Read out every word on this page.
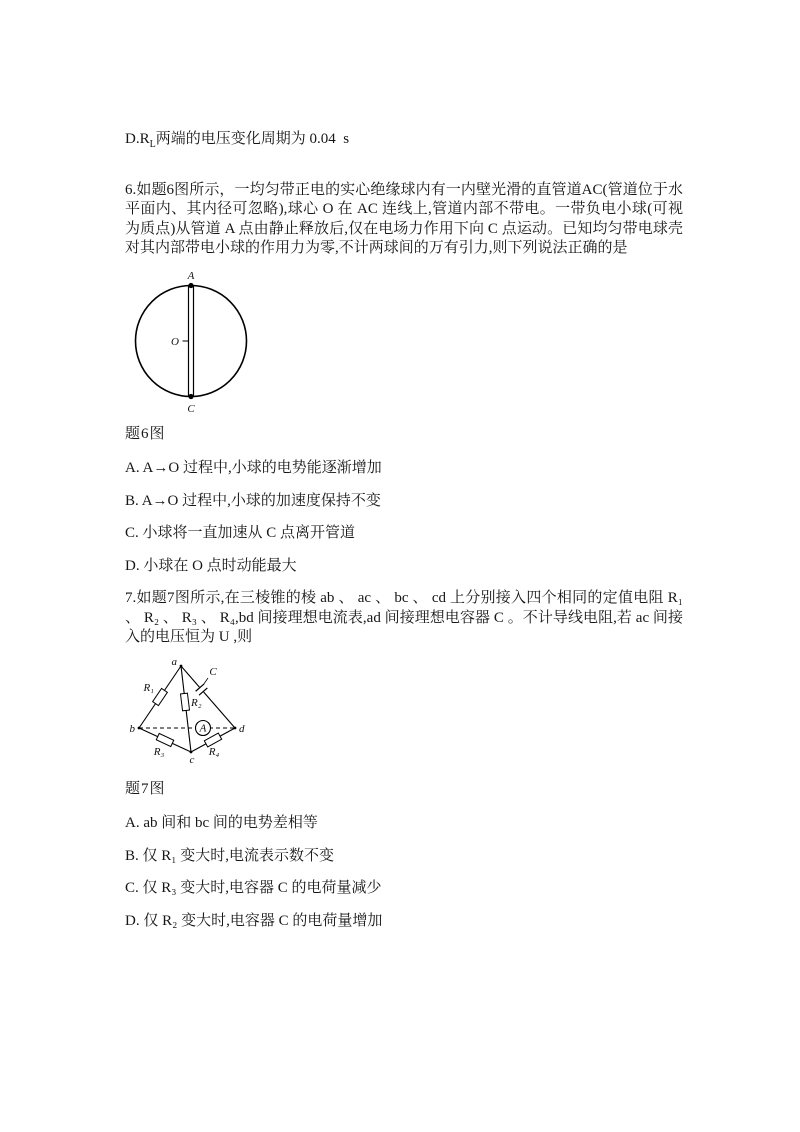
$D.R_L$两端的电压变化周期为 0.04  s

6.如题6图所示，一均匀带正电的实心绝缘球内有一内壁光滑的直管道AC(管道位于水平面内、其内径可忽略),球心 O 在 AC 连线上,管道内部不带电。一带负电小球(可视为质点)从管道 A 点由静止释放后,仅在电场力作用下向 C 点运动。已知均匀带电球壳对其内部带电小球的作用力为零,不计两球间的万有引力,则下列说法正确的是

A
O
C
题6图
A. A→O 过程中,小球的电势能逐渐增加
B. A→O 过程中,小球的加速度保持不变
C. 小球将一直加速从 C 点离开管道
D. 小球在 O 点时动能最大

7.如题7图所示,在三棱锥的棱 ab 、 ac 、 bc 、 cd 上分别接入四个相同的定值电阻 R₁ 、 R₂ 、 R₃ 、 R₄,bd 间接理想电流表,ad 间接理想电容器 C 。不计导线电阻,若 ac 间接入的电压恒为 U ,则

A
a
b	d
c
R₁
R₂
R₃	R₄
C
题7图
A. ab 间和 bc 间的电势差相等
B. 仅 R₁ 变大时,电流表示数不变
C. 仅 R₃ 变大时,电容器 C 的电荷量减少
D. 仅 R₂ 变大时,电容器 C 的电荷量增加
